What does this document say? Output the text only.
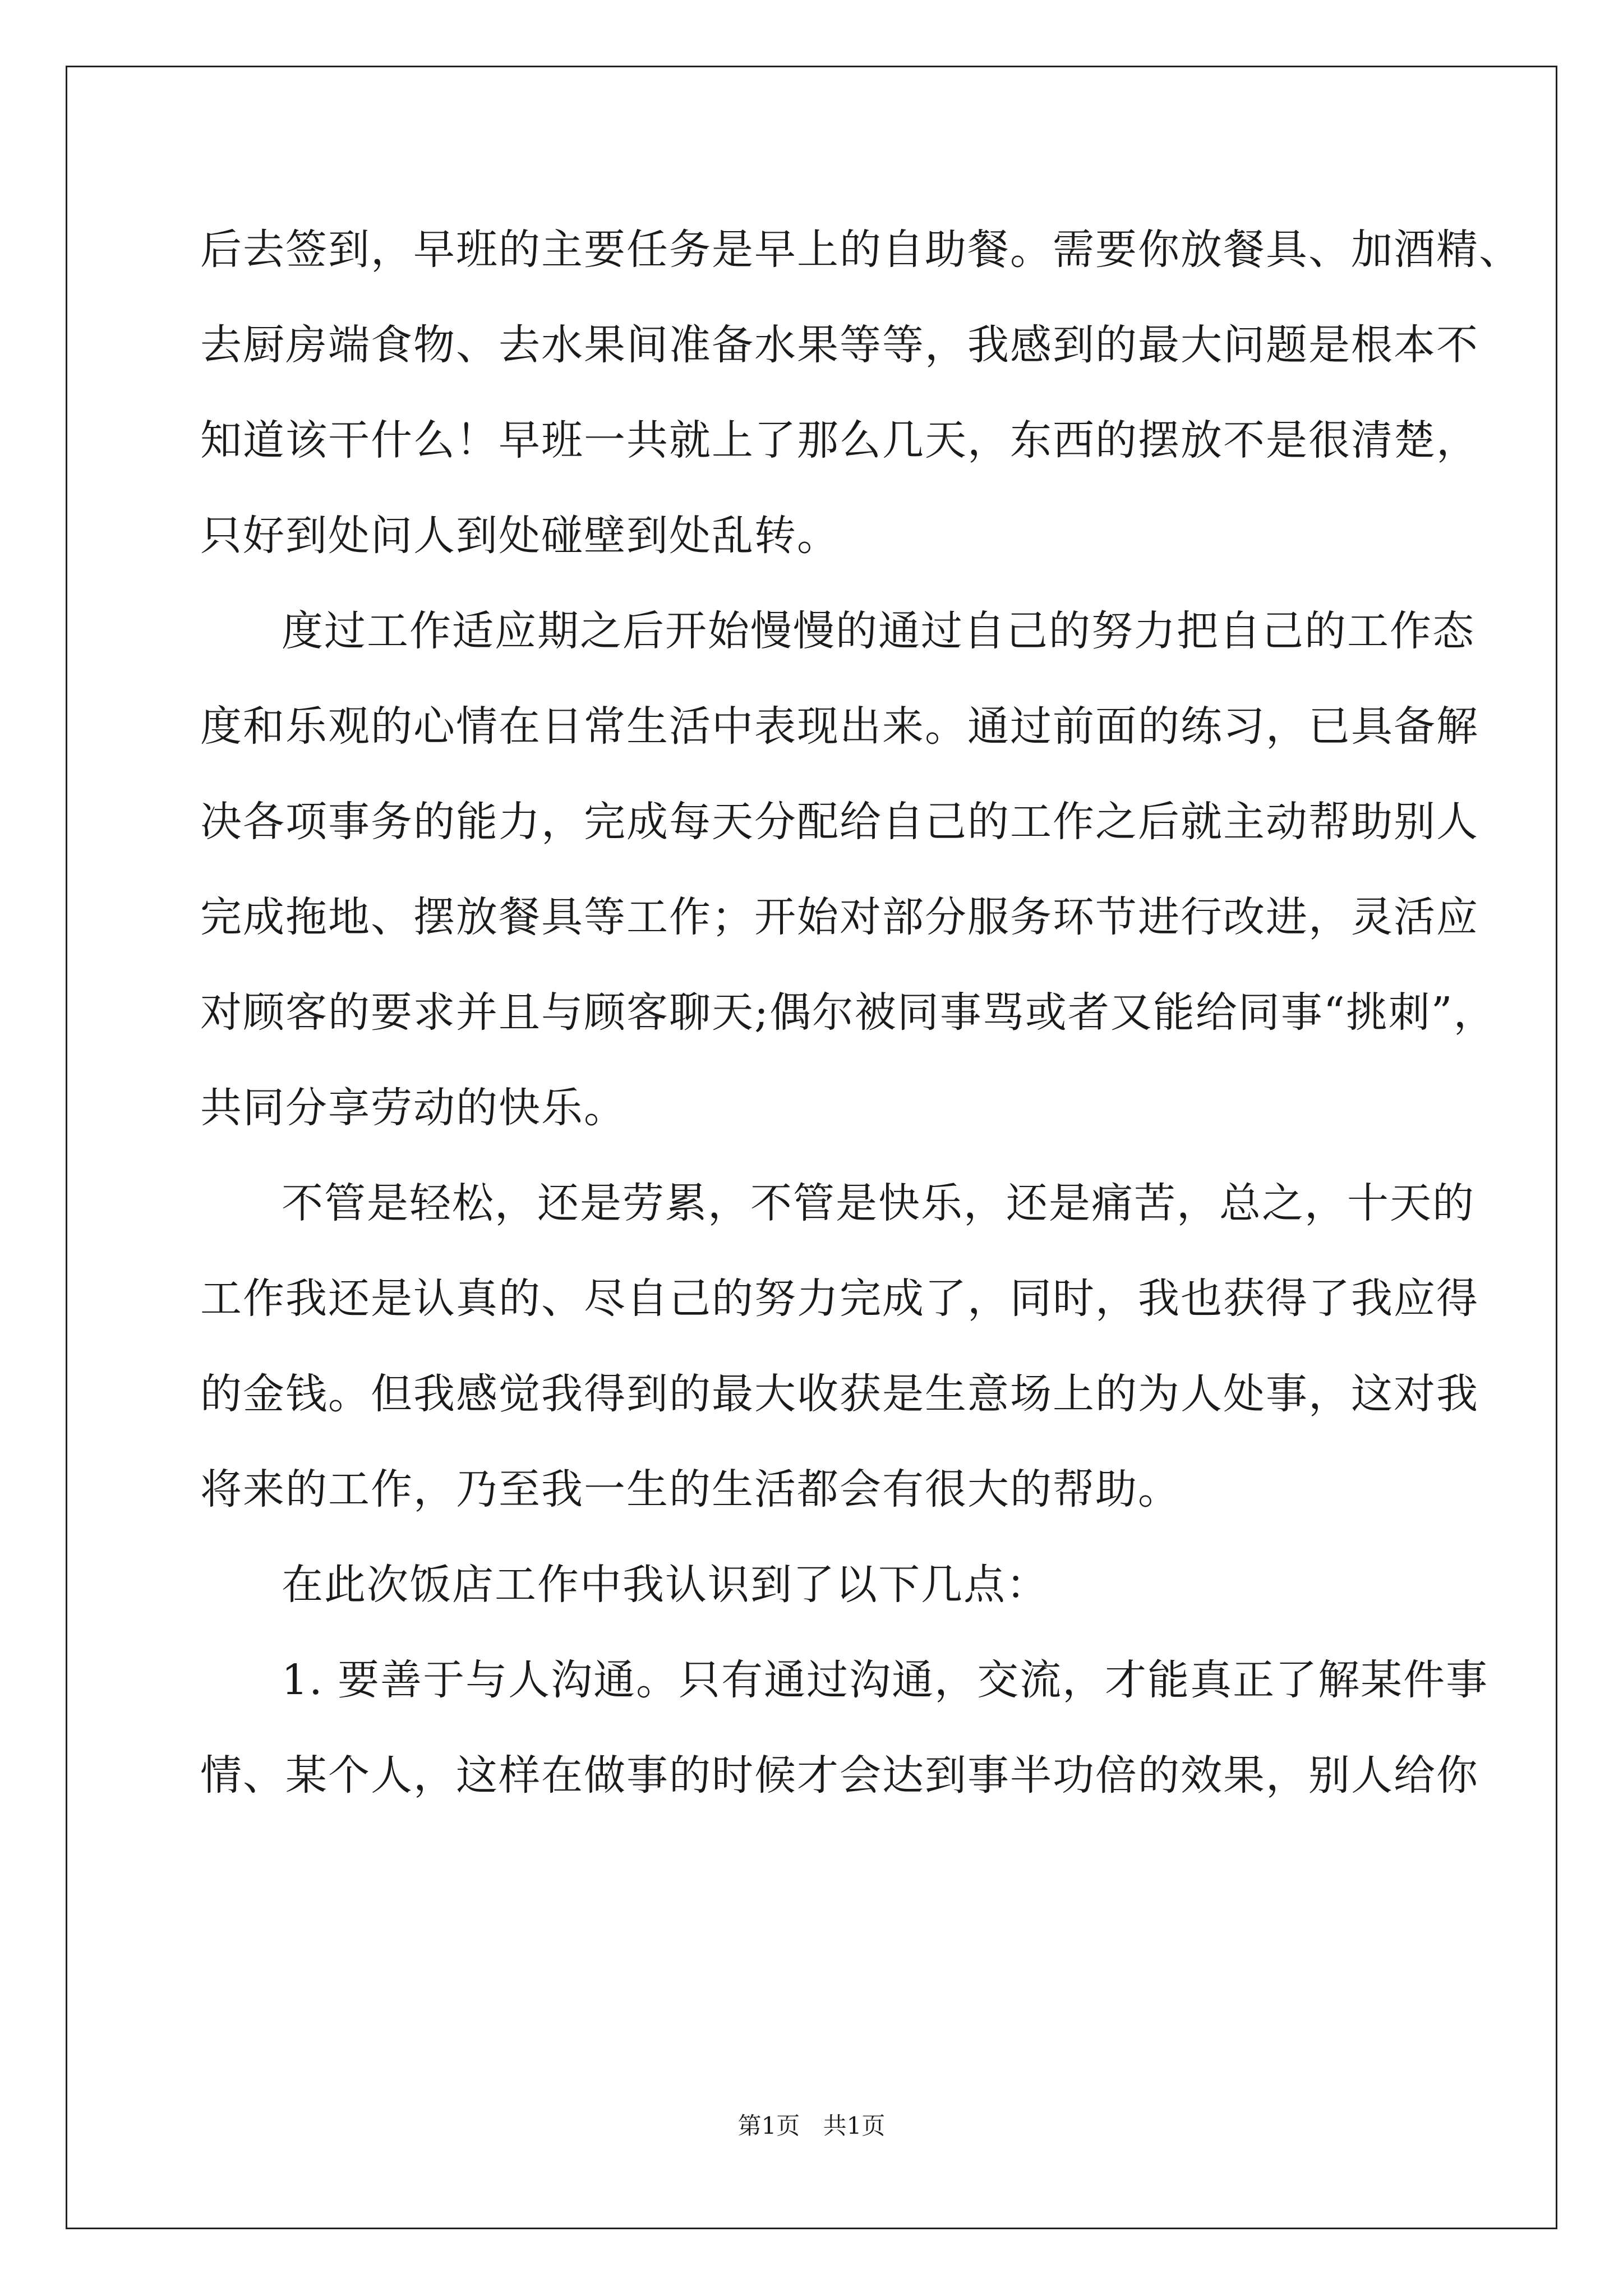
后去签到，早班的主要任务是早上的自助餐。需要你放餐具、加酒精、
去厨房端食物、去水果间准备水果等等，我感到的最大问题是根本不
知道该干什么！早班一共就上了那么几天，东西的摆放不是很清楚，
只好到处问人到处碰壁到处乱转。
度过工作适应期之后开始慢慢的通过自己的努力把自己的工作态
度和乐观的心情在日常生活中表现出来。通过前面的练习，已具备解
决各项事务的能力，完成每天分配给自己的工作之后就主动帮助别人
完成拖地、摆放餐具等工作；开始对部分服务环节进行改进，灵活应
对顾客的要求并且与顾客聊天;偶尔被同事骂或者又能给同事“挑刺”，
共同分享劳动的快乐。
不管是轻松，还是劳累，不管是快乐，还是痛苦，总之，十天的
工作我还是认真的、尽自己的努力完成了，同时，我也获得了我应得
的金钱。但我感觉我得到的最大收获是生意场上的为人处事，这对我
将来的工作，乃至我一生的生活都会有很大的帮助。
在此次饭店工作中我认识到了以下几点：
1. 要善于与人沟通。只有通过沟通，交流，才能真正了解某件事
情、某个人，这样在做事的时候才会达到事半功倍的效果，别人给你
第1页 共1页
